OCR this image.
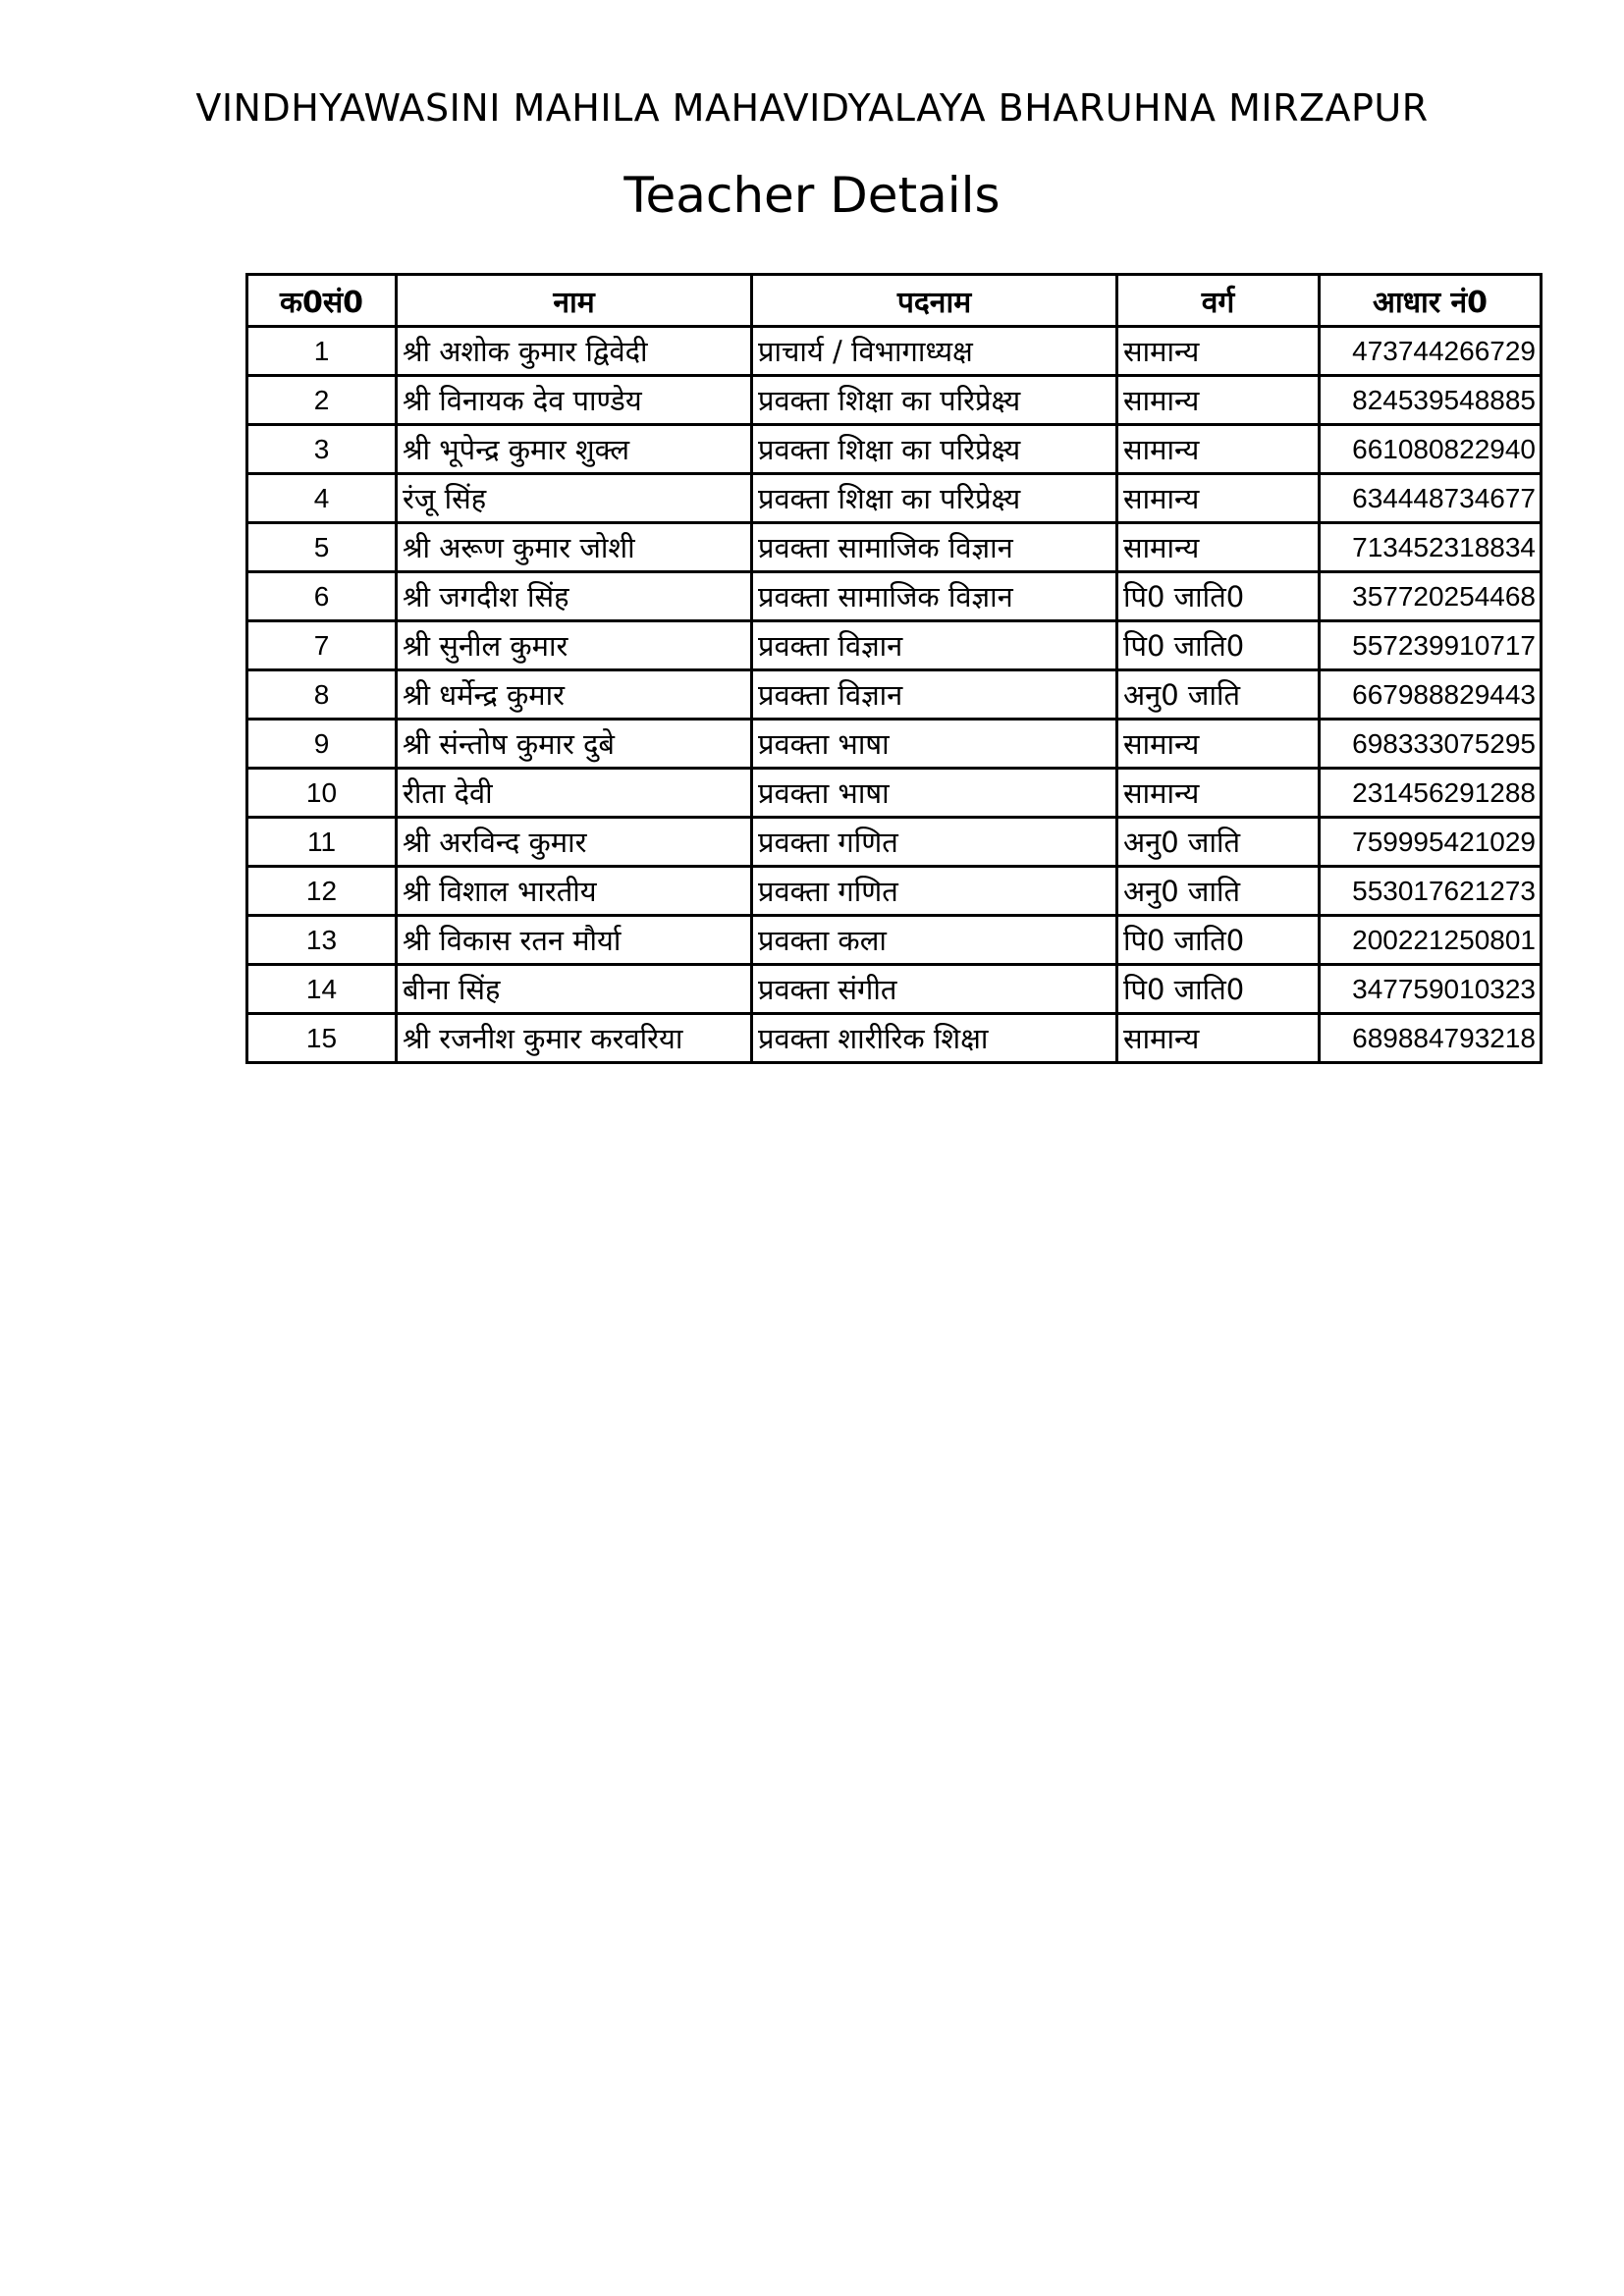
VINDHYAWASINI MAHILA MAHAVIDYALAYA BHARUHNA MIRZAPUR
Teacher Details
क0सं0	नाम	पदनाम	वर्ग	आधार नं0
1	श्री अशोक कुमार द्विवेदी	प्राचार्य / विभागाध्यक्ष	सामान्य	473744266729
2	श्री विनायक देव पाण्डेय	प्रवक्ता शिक्षा का परिप्रेक्ष्य	सामान्य	824539548885
3	श्री भूपेन्द्र कुमार शुक्ल	प्रवक्ता शिक्षा का परिप्रेक्ष्य	सामान्य	661080822940
4	रंजू सिंह	प्रवक्ता शिक्षा का परिप्रेक्ष्य	सामान्य	634448734677
5	श्री अरूण कुमार जोशी	प्रवक्ता सामाजिक विज्ञान	सामान्य	713452318834
6	श्री जगदीश सिंह	प्रवक्ता सामाजिक विज्ञान	पि0 जाति0	357720254468
7	श्री सुनील कुमार	प्रवक्ता विज्ञान	पि0 जाति0	557239910717
8	श्री धर्मेन्द्र कुमार	प्रवक्ता विज्ञान	अनु0 जाति	667988829443
9	श्री संन्तोष कुमार दुबे	प्रवक्ता भाषा	सामान्य	698333075295
10	रीता देवी	प्रवक्ता भाषा	सामान्य	231456291288
11	श्री अरविन्द कुमार	प्रवक्ता गणित	अनु0 जाति	759995421029
12	श्री विशाल भारतीय	प्रवक्ता गणित	अनु0 जाति	553017621273
13	श्री विकास रतन मौर्या	प्रवक्ता कला	पि0 जाति0	200221250801
14	बीना सिंह	प्रवक्ता संगीत	पि0 जाति0	347759010323
15	श्री रजनीश कुमार करवरिया	प्रवक्ता शारीरिक शिक्षा	सामान्य	689884793218
